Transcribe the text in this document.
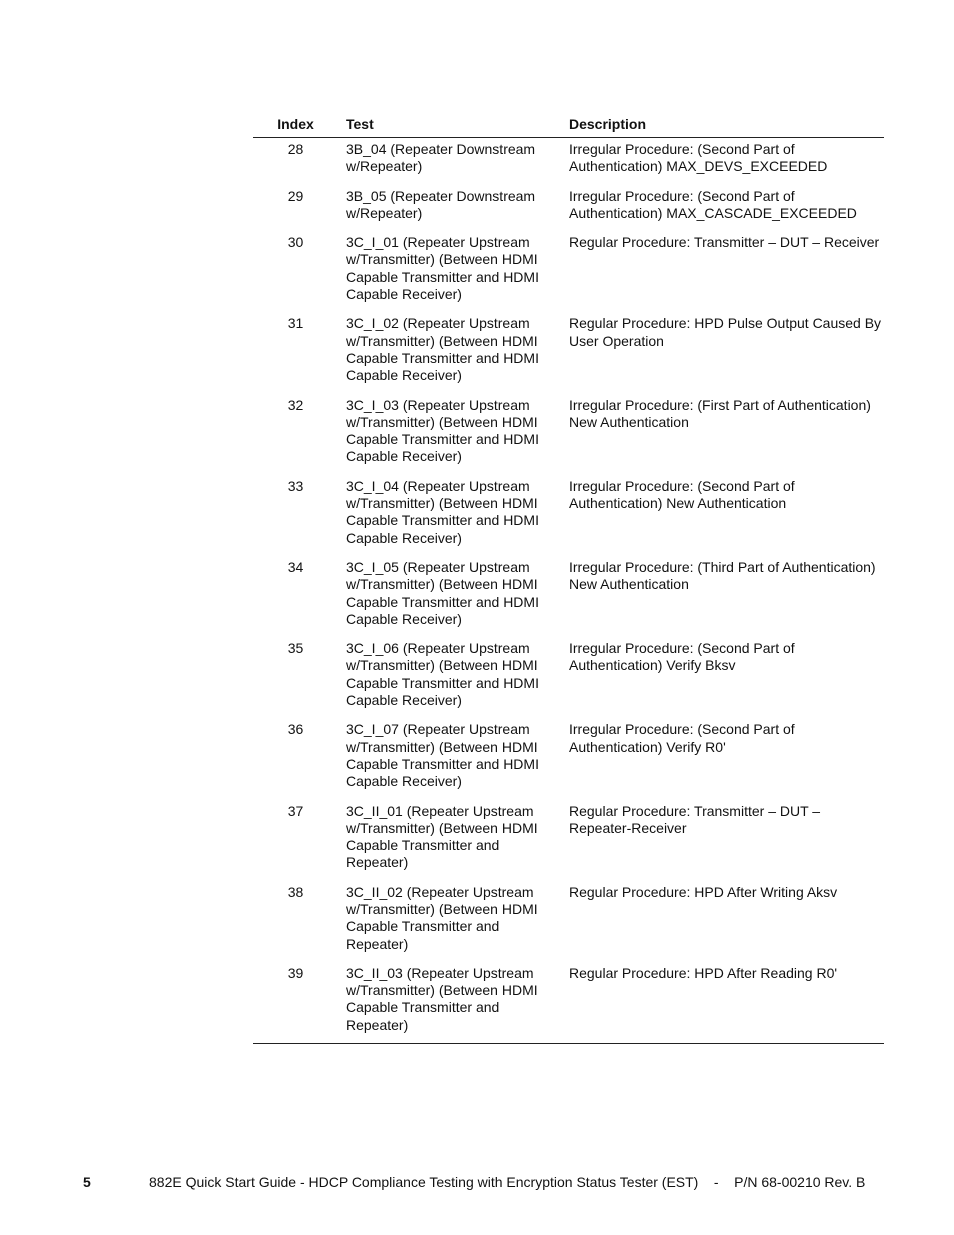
Index	Test	Description
28	3B_04 (Repeater Downstream w/Repeater)	Irregular Procedure: (Second Part of Authentication) MAX_DEVS_EXCEEDED
29	3B_05 (Repeater Downstream w/Repeater)	Irregular Procedure: (Second Part of Authentication) MAX_CASCADE_EXCEEDED
30	3C_I_01 (Repeater Upstream w/Transmitter) (Between HDMI Capable Transmitter and HDMI Capable Receiver)	Regular Procedure: Transmitter – DUT – Receiver
31	3C_I_02 (Repeater Upstream w/Transmitter) (Between HDMI Capable Transmitter and HDMI Capable Receiver)	Regular Procedure: HPD Pulse Output Caused By User Operation
32	3C_I_03 (Repeater Upstream w/Transmitter) (Between HDMI Capable Transmitter and HDMI Capable Receiver)	Irregular Procedure: (First Part of Authentication) New Authentication
33	3C_I_04 (Repeater Upstream w/Transmitter) (Between HDMI Capable Transmitter and HDMI Capable Receiver)	Irregular Procedure: (Second Part of Authentication) New Authentication
34	3C_I_05 (Repeater Upstream w/Transmitter) (Between HDMI Capable Transmitter and HDMI Capable Receiver)	Irregular Procedure: (Third Part of Authentication) New Authentication
35	3C_I_06 (Repeater Upstream w/Transmitter) (Between HDMI Capable Transmitter and HDMI Capable Receiver)	Irregular Procedure: (Second Part of Authentication) Verify Bksv
36	3C_I_07 (Repeater Upstream w/Transmitter) (Between HDMI Capable Transmitter and HDMI Capable Receiver)	Irregular Procedure: (Second Part of Authentication) Verify R0'
37	3C_II_01 (Repeater Upstream w/Transmitter) (Between HDMI Capable Transmitter and Repeater)	Regular Procedure: Transmitter – DUT – Repeater-Receiver
38	3C_II_02 (Repeater Upstream w/Transmitter) (Between HDMI Capable Transmitter and Repeater)	Regular Procedure: HPD After Writing Aksv
39	3C_II_03 (Repeater Upstream w/Transmitter) (Between HDMI Capable Transmitter and Repeater)	Regular Procedure: HPD After Reading R0'
5	882E Quick Start Guide - HDCP Compliance Testing with Encryption Status Tester (EST)    -    P/N 68-00210 Rev. B
